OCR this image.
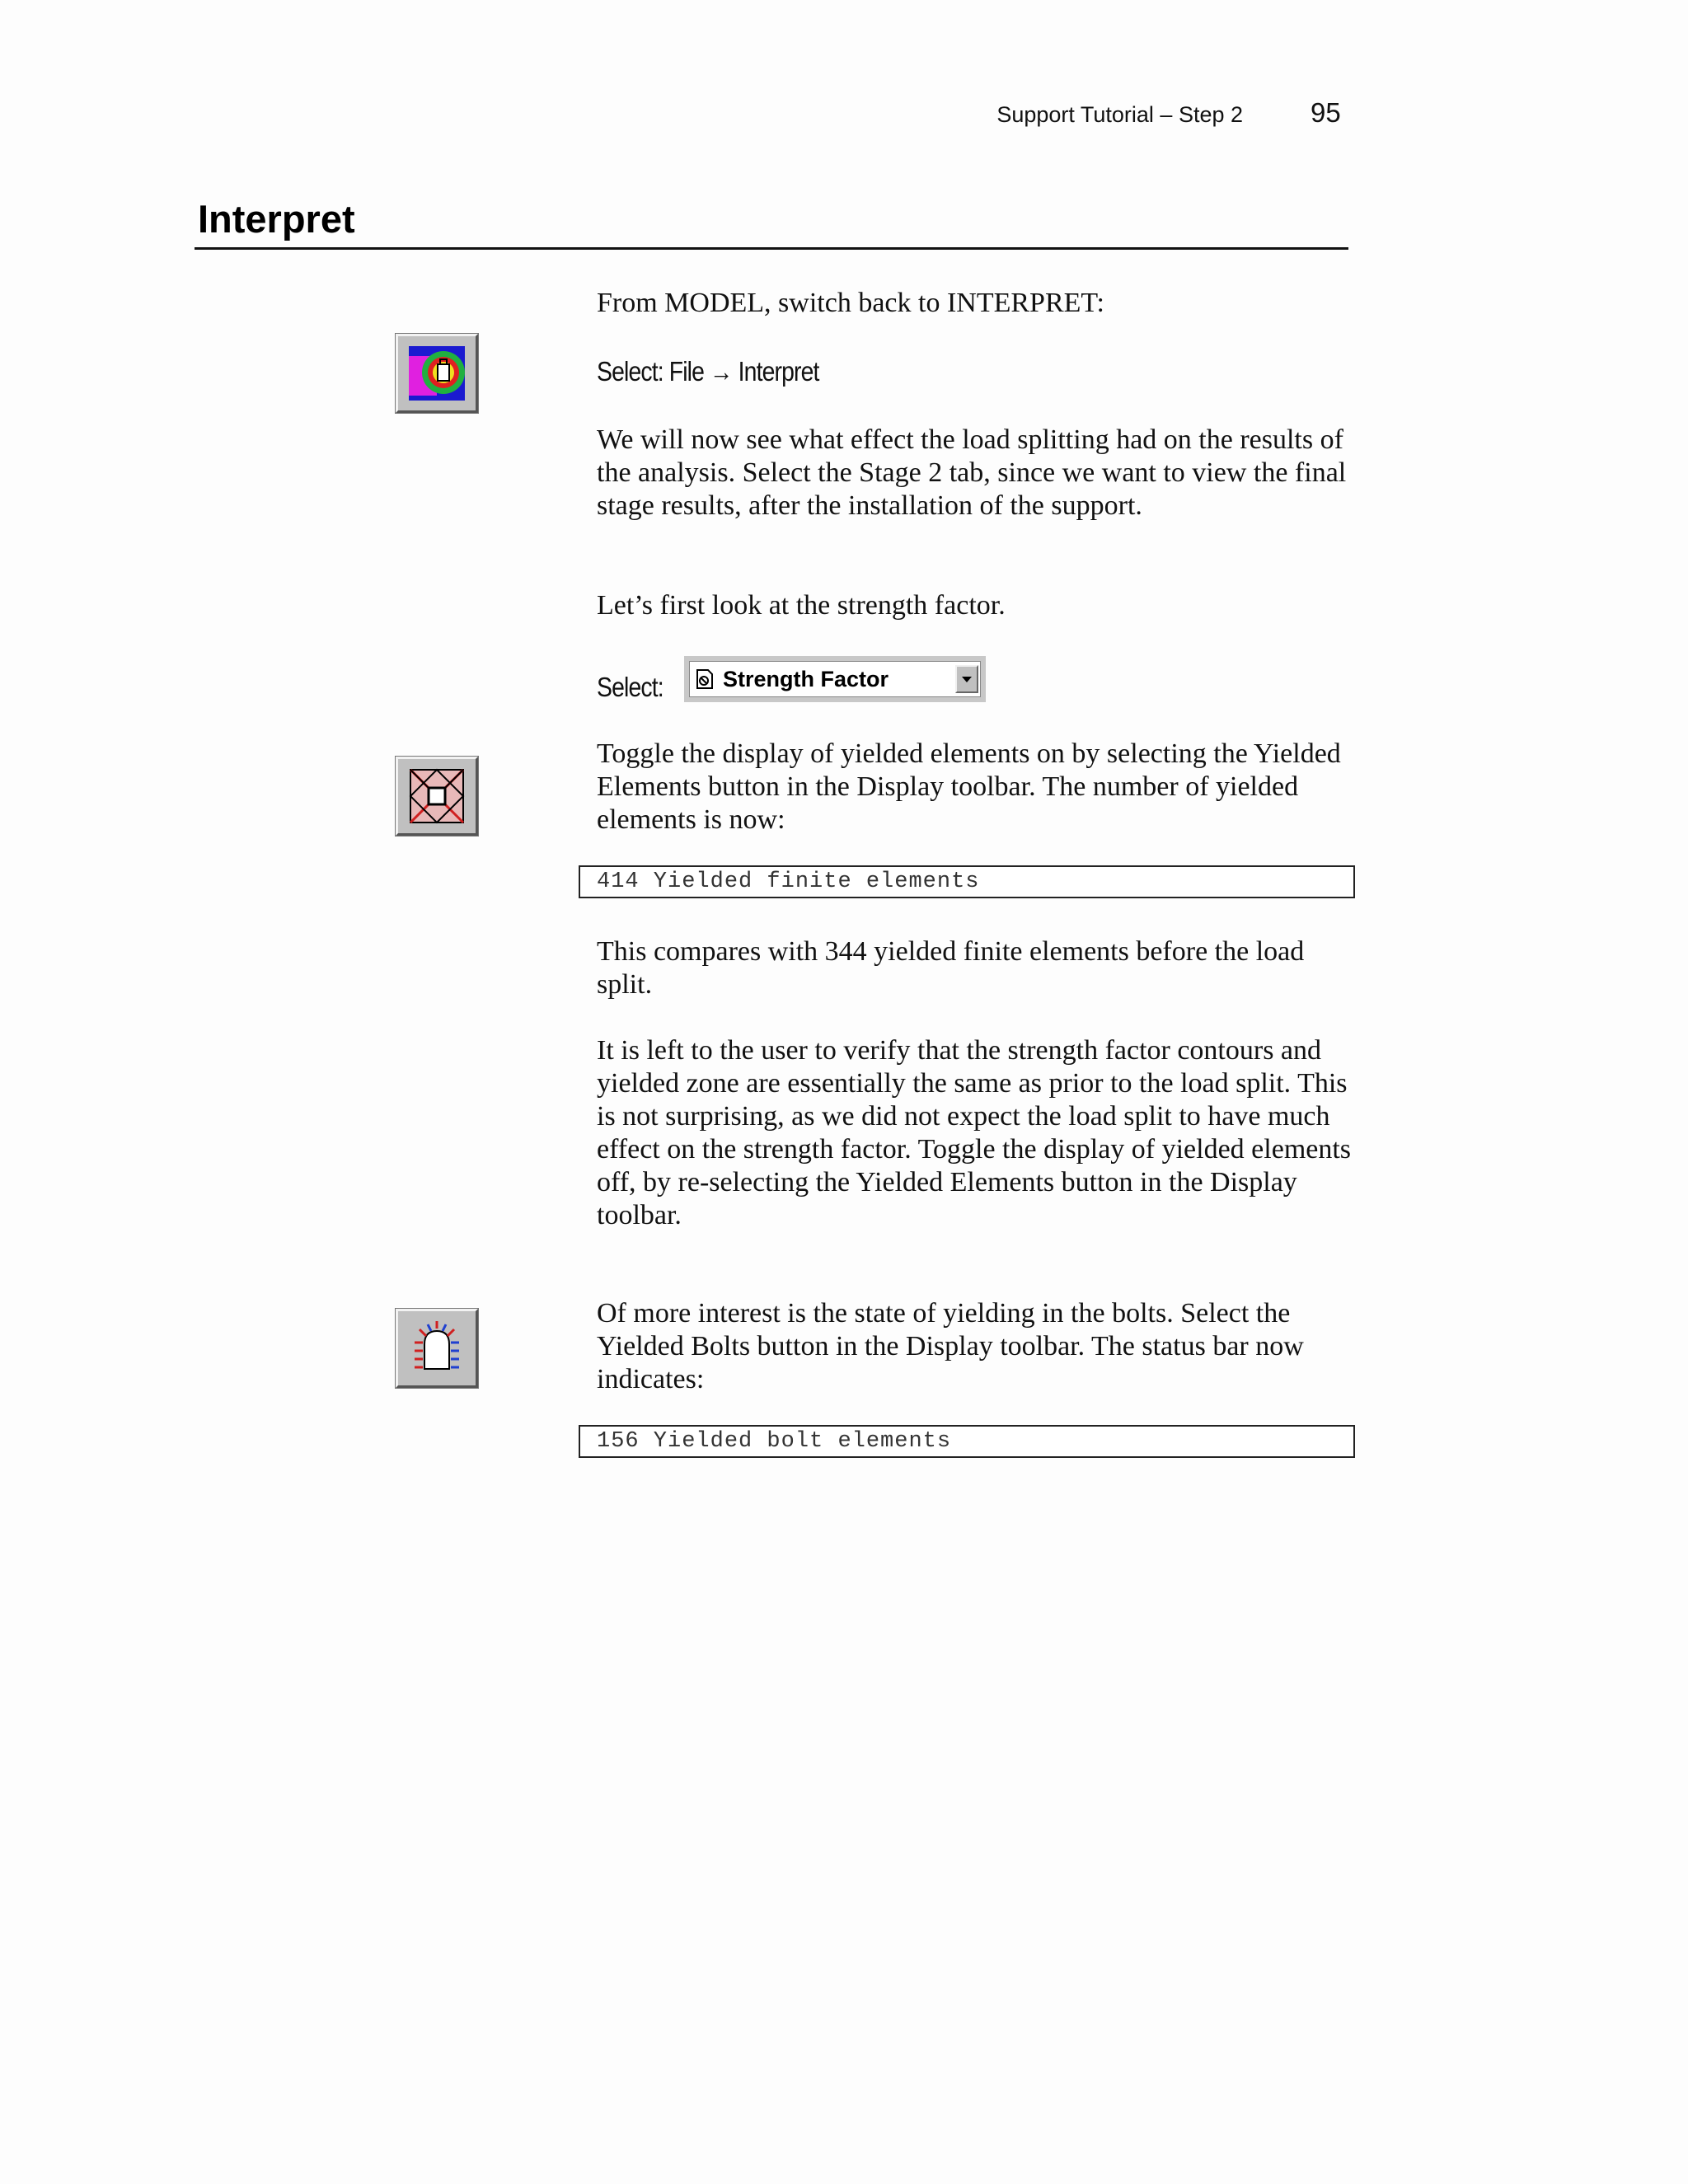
Support Tutorial – Step 2 95
Interpret

From MODEL, switch back to INTERPRET:

Select: File → Interpret

We will now see what effect the load splitting had on the results of the analysis. Select the Stage 2 tab, since we want to view the final stage results, after the installation of the support.

Let’s first look at the strength factor.

Select:	Strength Factor

Toggle the display of yielded elements on by selecting the Yielded Elements button in the Display toolbar. The number of yielded elements is now:

414 Yielded finite elements

This compares with 344 yielded finite elements before the load split.

It is left to the user to verify that the strength factor contours and yielded zone are essentially the same as prior to the load split. This is not surprising, as we did not expect the load split to have much effect on the strength factor. Toggle the display of yielded elements off, by re-selecting the Yielded Elements button in the Display toolbar.

Of more interest is the state of yielding in the bolts. Select the Yielded Bolts button in the Display toolbar. The status bar now indicates:

156 Yielded bolt elements
